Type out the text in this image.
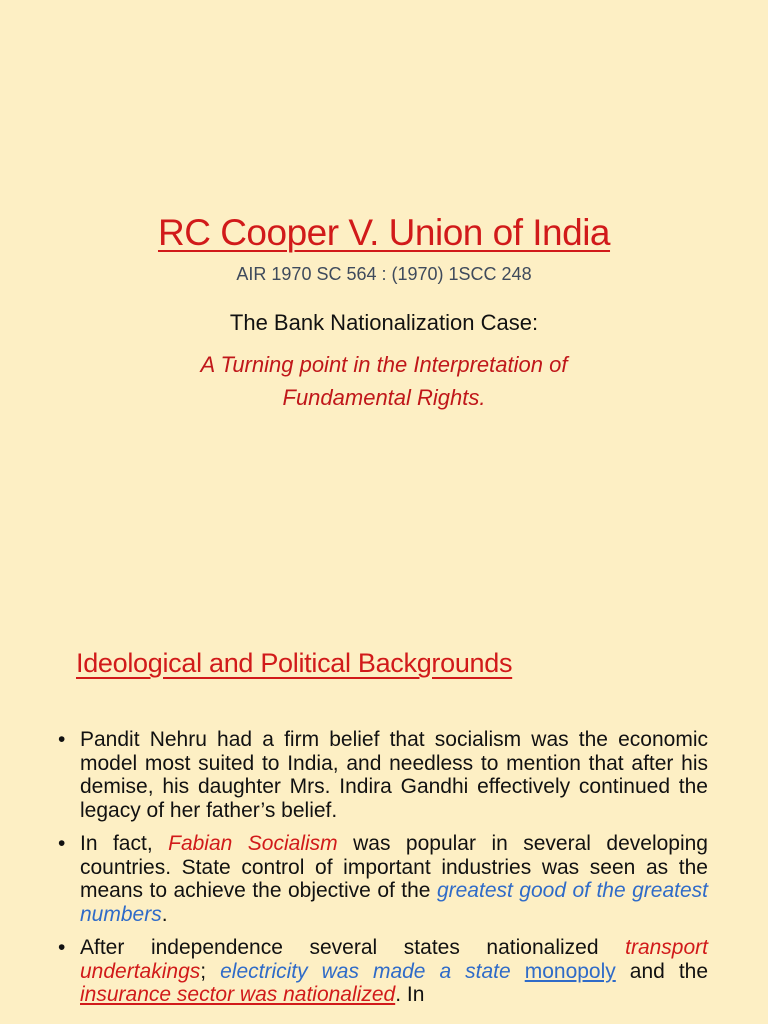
RC Cooper V. Union of India
AIR 1970 SC 564 : (1970) 1SCC 248
The Bank Nationalization Case:
A Turning point in the Interpretation of
Fundamental Rights.
Ideological and Political Backgrounds
• Pandit Nehru had a firm belief that socialism was the economic model most suited to India, and needless to mention that after his demise, his daughter Mrs. Indira Gandhi effectively continued the legacy of her father’s belief.
• In fact, Fabian Socialism was popular in several developing countries. State control of important industries was seen as the means to achieve the objective of the greatest good of the greatest numbers.
• After independence several states nationalized transport undertakings; electricity was made a state monopoly and the insurance sector was nationalized. In
